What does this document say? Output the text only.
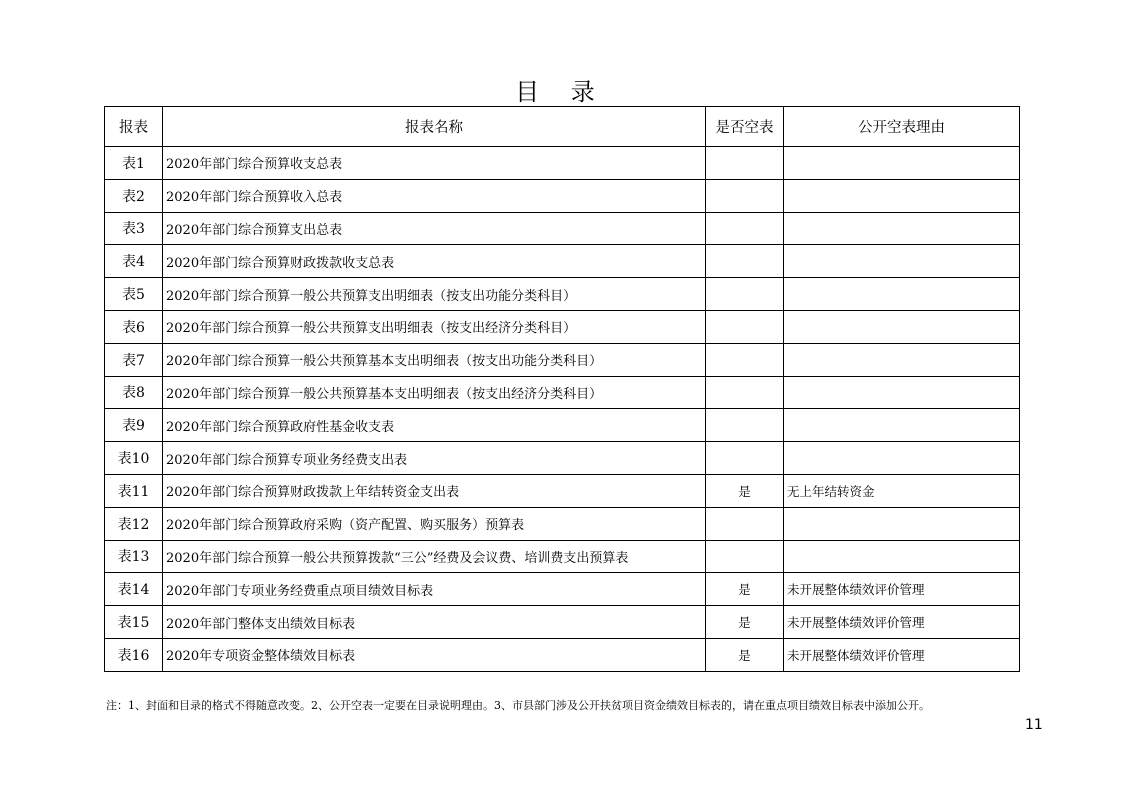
目 录
报表	报表名称	是否空表	公开空表理由
表1	2020年部门综合预算收支总表		
表2	2020年部门综合预算收入总表		
表3	2020年部门综合预算支出总表		
表4	2020年部门综合预算财政拨款收支总表		
表5	2020年部门综合预算一般公共预算支出明细表（按支出功能分类科目）		
表6	2020年部门综合预算一般公共预算支出明细表（按支出经济分类科目）		
表7	2020年部门综合预算一般公共预算基本支出明细表（按支出功能分类科目）		
表8	2020年部门综合预算一般公共预算基本支出明细表（按支出经济分类科目）		
表9	2020年部门综合预算政府性基金收支表		
表10	2020年部门综合预算专项业务经费支出表		
表11	2020年部门综合预算财政拨款上年结转资金支出表	是	无上年结转资金
表12	2020年部门综合预算政府采购（资产配置、购买服务）预算表		
表13	2020年部门综合预算一般公共预算拨款“三公”经费及会议费、培训费支出预算表		
表14	2020年部门专项业务经费重点项目绩效目标表	是	未开展整体绩效评价管理
表15	2020年部门整体支出绩效目标表	是	未开展整体绩效评价管理
表16	2020年专项资金整体绩效目标表	是	未开展整体绩效评价管理
注：1、封面和目录的格式不得随意改变。2、公开空表一定要在目录说明理由。3、市县部门涉及公开扶贫项目资金绩效目标表的，请在重点项目绩效目标表中添加公开。
11
